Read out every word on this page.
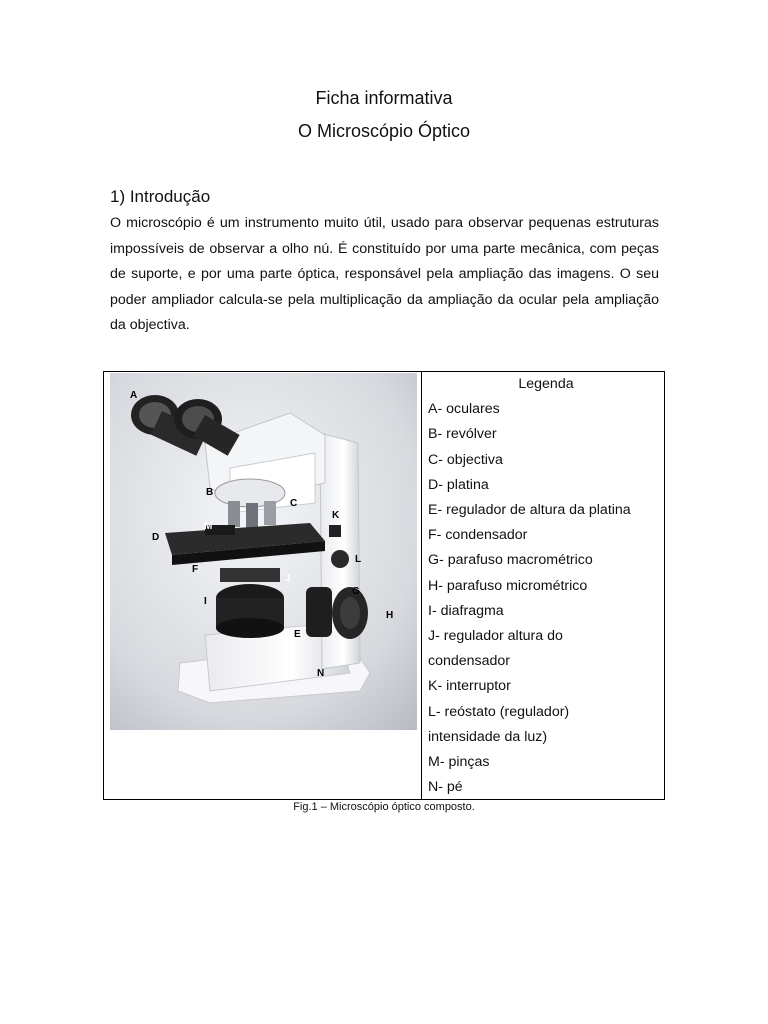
Ficha informativa
O Microscópio Óptico
1) Introdução
O microscópio é um instrumento muito útil, usado para observar pequenas estruturas impossíveis de observar a olho nú. É constituído por uma parte mecânica, com peças de suporte, e por uma parte óptica, responsável pela ampliação das imagens. O seu poder ampliador calcula-se pela multiplicação da ampliação da ocular pela ampliação da objectiva.
A
B
C
D
M
K
F
J
L
G
I
H
E
N
Legenda
A- oculares
B- revólver
C- objectiva
D- platina
E- regulador de altura da platina
F- condensador
G- parafuso macrométrico
H- parafuso micrométrico
I- diafragma
J- regulador altura do
condensador
K- interruptor
L- reóstato (regulador)
intensidade da luz)
M- pinças
N- pé
Fig.1 – Microscópio óptico composto.
